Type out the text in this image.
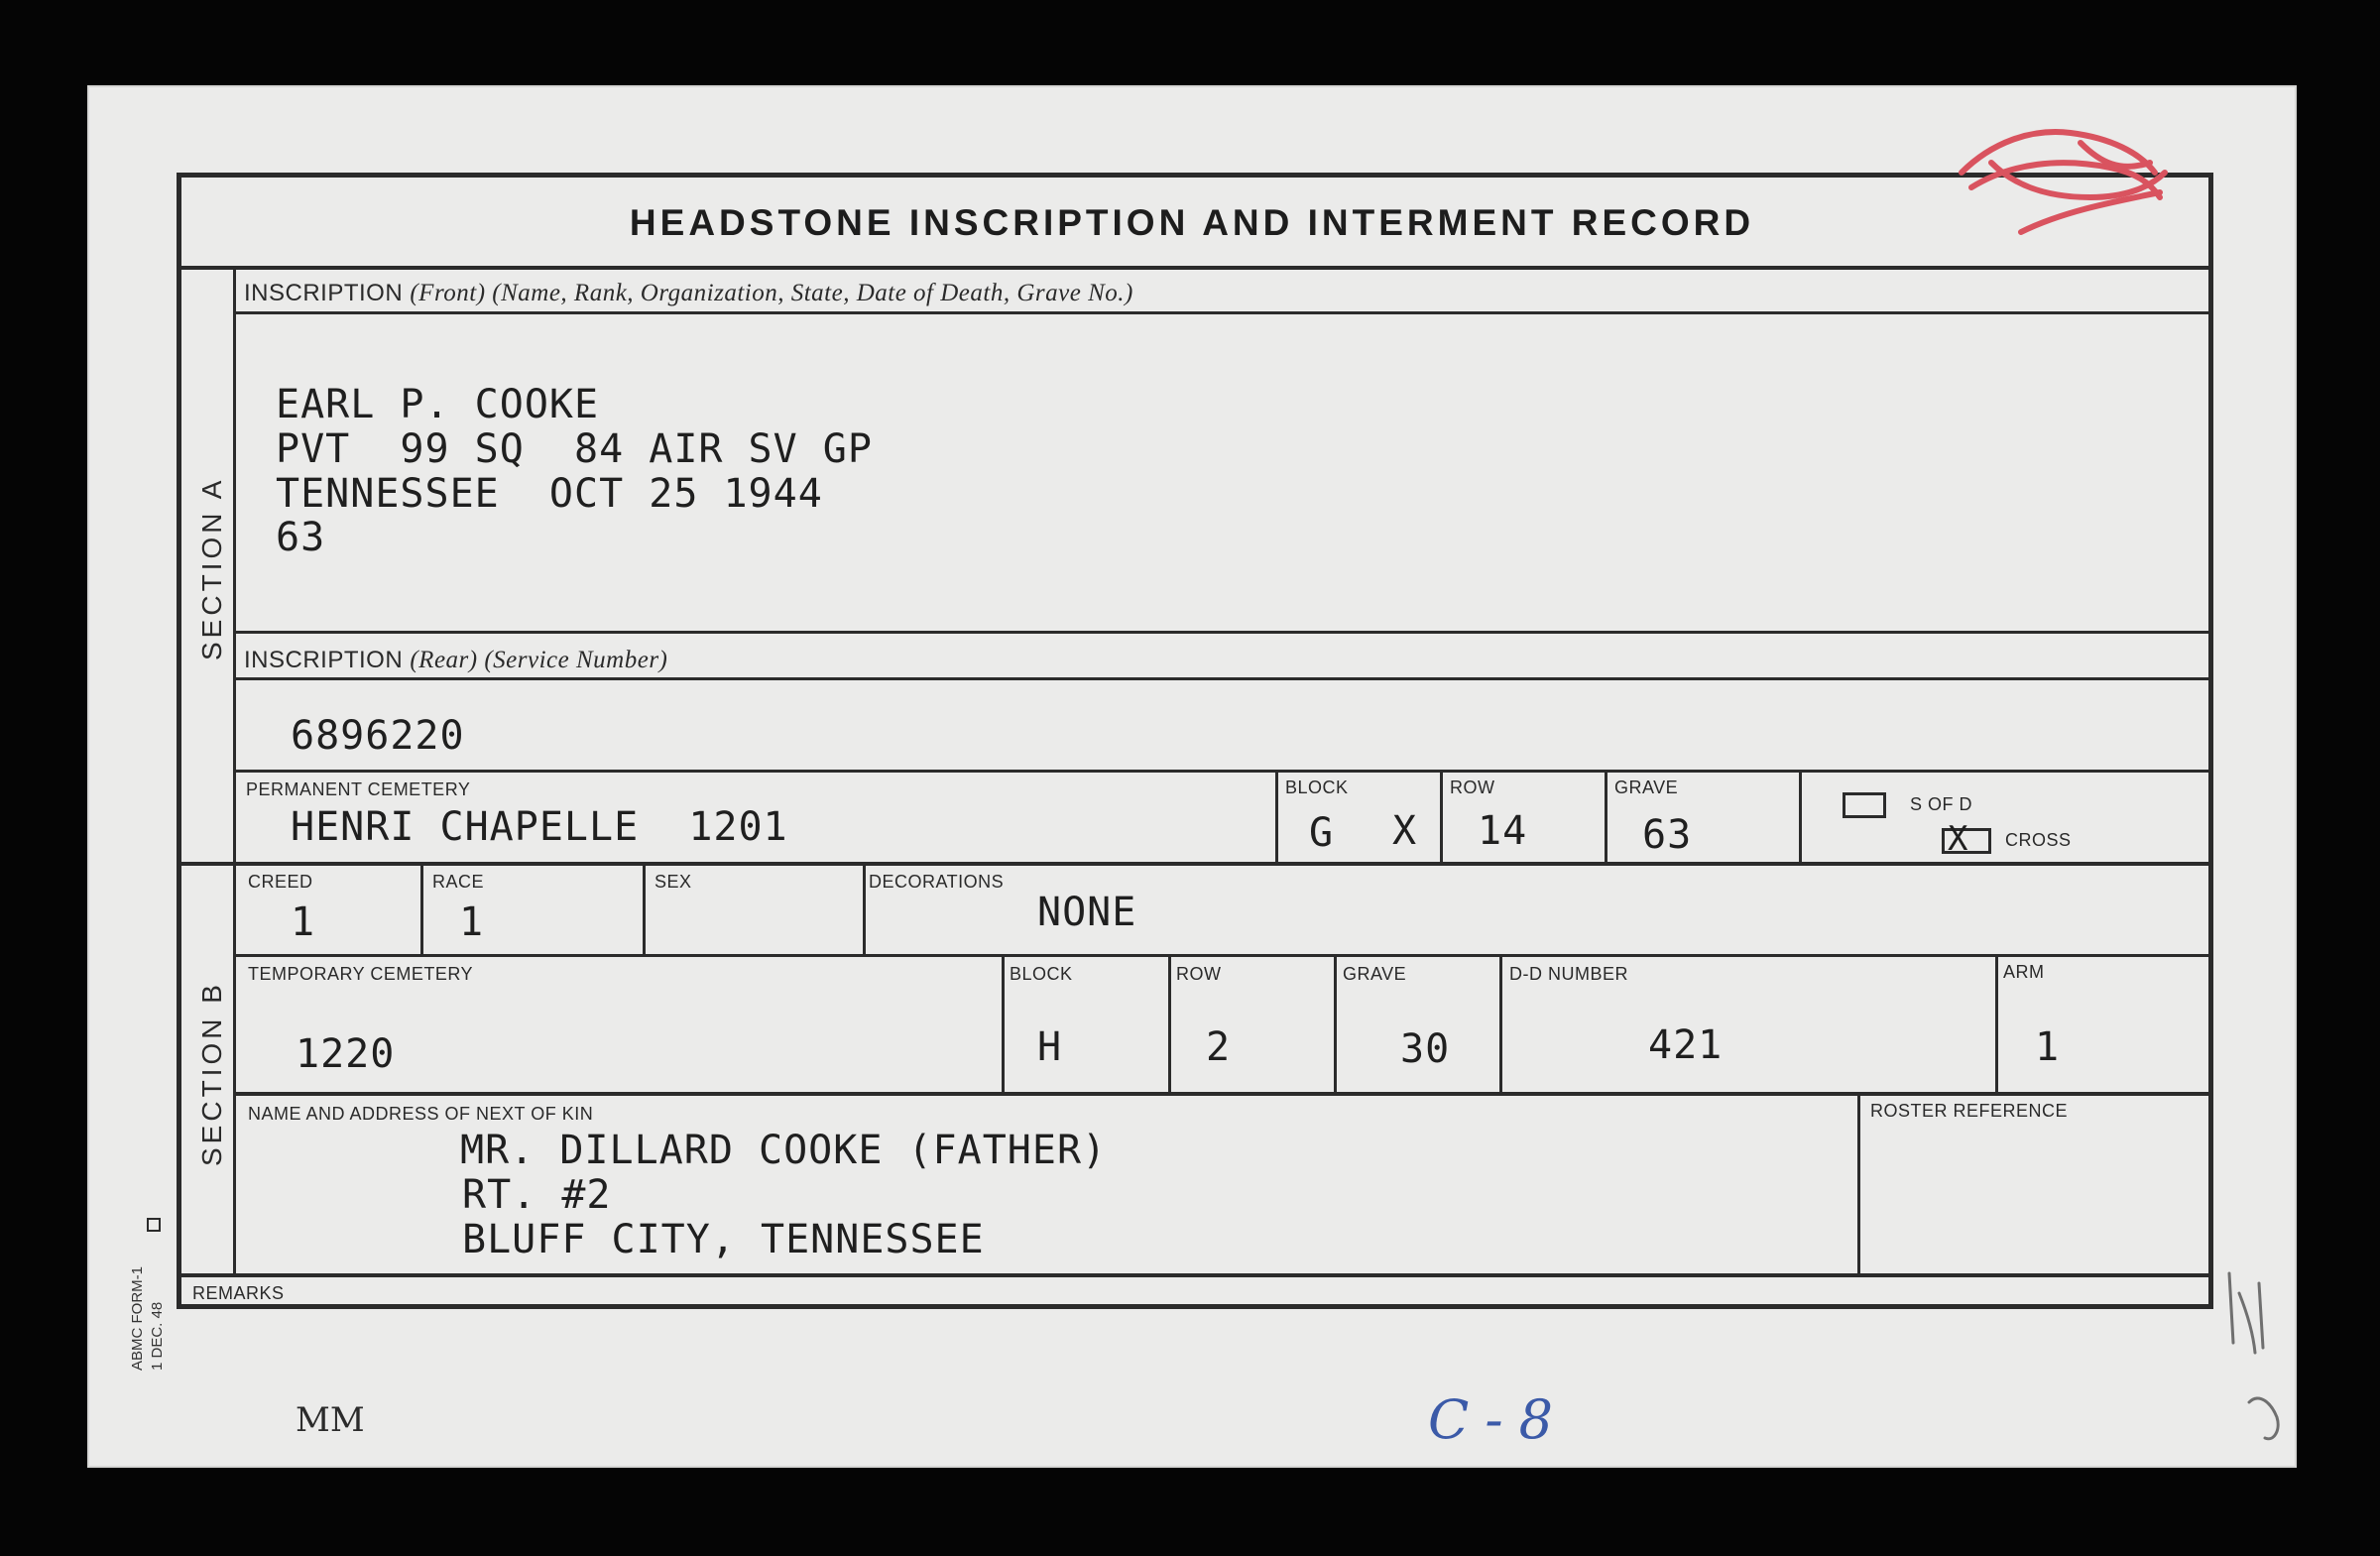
HEADSTONE INSCRIPTION AND INTERMENT RECORD
SECTION A
SECTION B
INSCRIPTION (Front) (Name, Rank, Organization, State, Date of Death, Grave No.)
EARL P. COOKE
PVT  99 SQ  84 AIR SV GP
TENNESSEE  OCT 25 1944
63
INSCRIPTION (Rear) (Service Number)
6896220
PERMANENT CEMETERY
HENRI CHAPELLE  1201
BLOCK
G X
ROW
14
GRAVE
63
S OF D
X CROSS
CREED
1
RACE
1
SEX	DECORATIONS
NONE
TEMPORARY CEMETERY
1220
BLOCK
H
ROW
2
GRAVE
30
D-D NUMBER
421
ARM
1
NAME AND ADDRESS OF NEXT OF KIN
MR. DILLARD COOKE (FATHER)
RT. #2
BLUFF CITY, TENNESSEE
ROSTER REFERENCE
REMARKS
ABMC FORM-1 1 DEC. 48
MM	C-8
